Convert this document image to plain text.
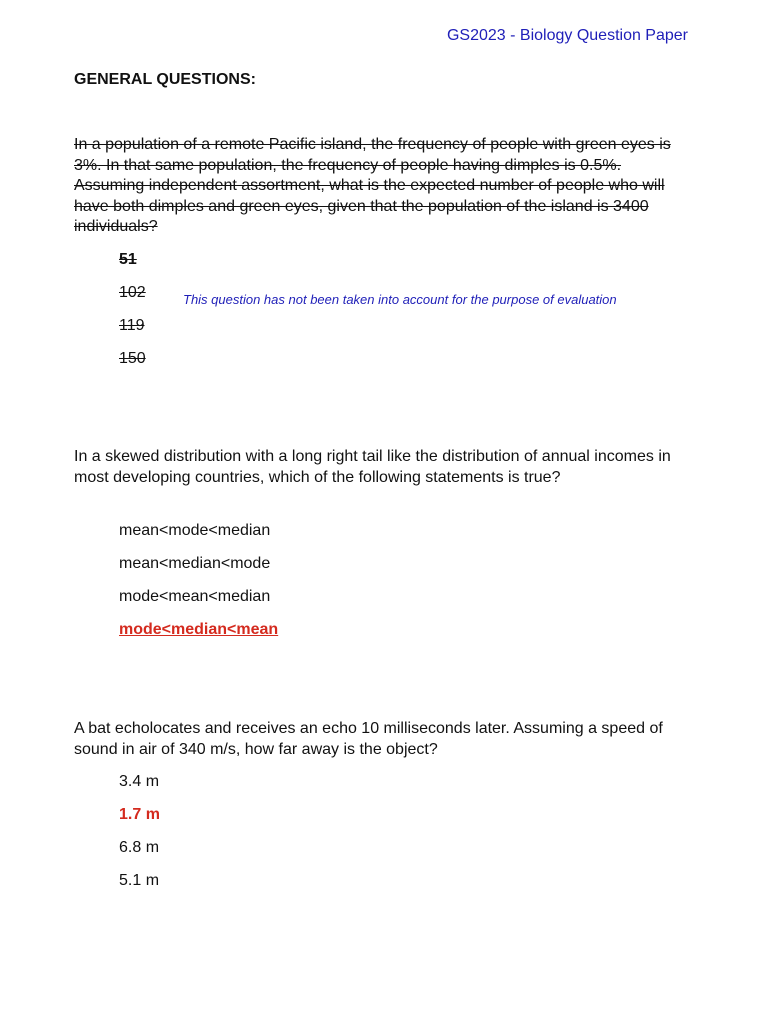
GS2023 - Biology Question Paper
GENERAL QUESTIONS:
In a population of a remote Pacific island, the frequency of people with green eyes is 3%. In that same population, the frequency of people having dimples is 0.5%. Assuming independent assortment, what is the expected number of people who will have both dimples and green eyes, given that the population of the island is 3400 individuals?
51
102
119
150
This question has not been taken into account for the purpose of evaluation
In a skewed distribution with a long right tail like the distribution of annual incomes in most developing countries, which of the following statements is true?
mean<mode<median
mean<median<mode
mode<mean<median
mode<median<mean
A bat echolocates and receives an echo 10 milliseconds later. Assuming a speed of sound in air of 340 m/s, how far away is the object?
3.4 m
1.7 m
6.8 m
5.1 m
